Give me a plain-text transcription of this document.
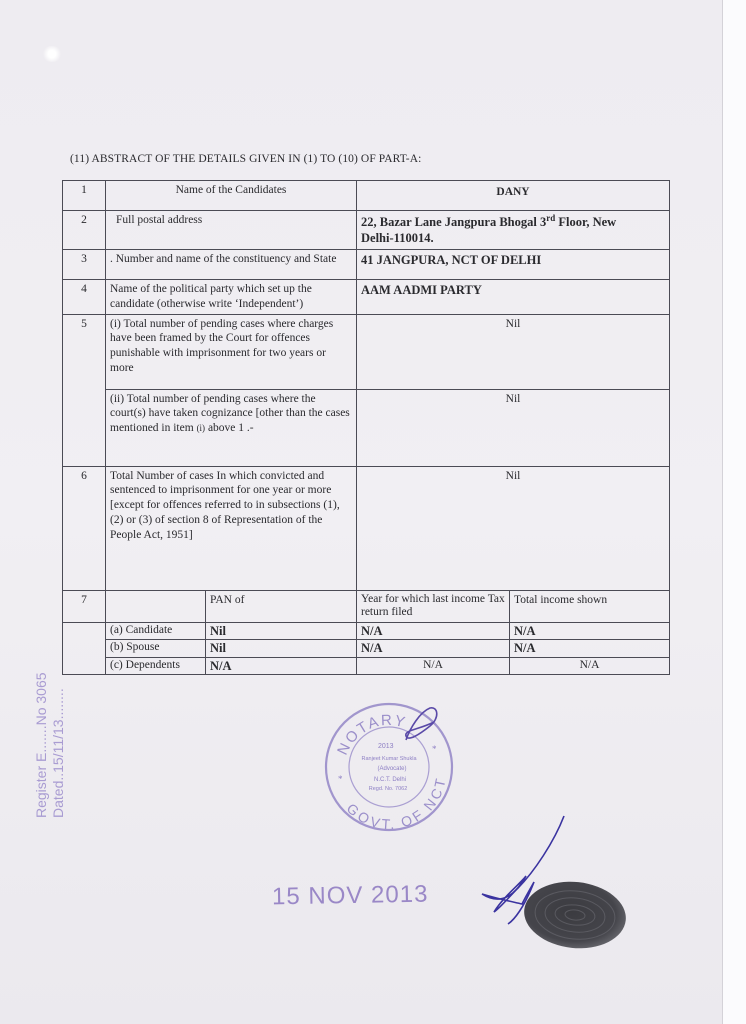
(11) ABSTRACT OF THE DETAILS GIVEN IN (1) TO (10) OF PART-A:
1	Name of the Candidates		DANY	
2	Full postal address		22, Bazar Lane Jangpura Bhogal 3rd Floor, New
Delhi-110014.	
3	. Number and name of the constituency and State		41 JANGPURA, NCT OF DELHI	
4	Name of the political party which set up the candidate (otherwise write ‘Independent’)		AAM AADMI PARTY	
5	(i) Total number of pending cases where charges have been framed by the Court for offences punishable with imprisonment for two years or more		Nil	
	(ii) Total number of pending cases where the court(s) have taken cognizance [other than the cases mentioned in item (i) above 1 .-		Nil	
6	Total Number of cases In which convicted and sentenced to imprisonment for one year or more [except for offences referred to in subsections (1), (2) or (3) of section 8 of Representation of the People Act, 1951]		Nil	
7		PAN of	Year for which last income Tax return filed	Total income shown
	(a) Candidate	Nil	N/A	N/A
	(b) Spouse	Nil	N/A	N/A
	(c) Dependents	N/A	N/A	N/A
NOTARY
GOVT. OF NCT
2013
Ranjeet Kumar Shukla
(Advocate)
N.C.T. Delhi
Regd. No. 7062
*
*
Register E.......No 3065 Dated..15/11/13........
15 NOV 2013
